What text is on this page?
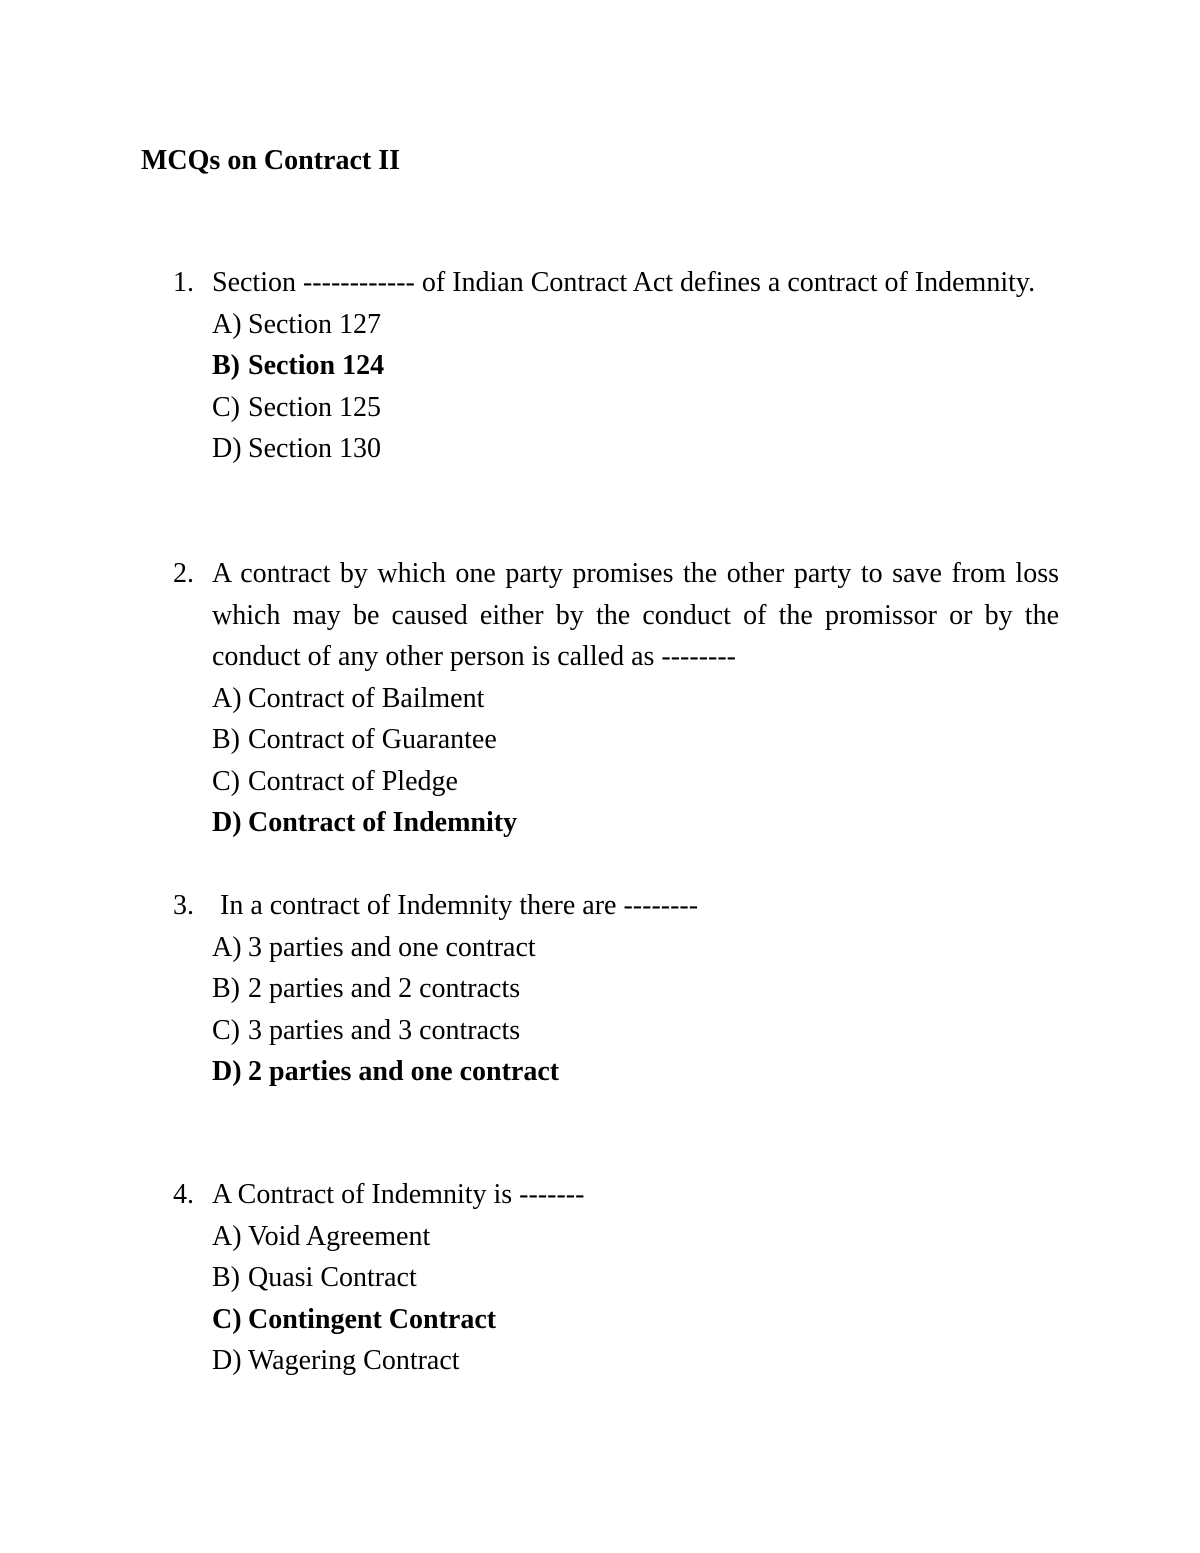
MCQs on Contract II
1. Section ------------ of Indian Contract Act defines a contract of Indemnity.
A) Section 127
B) Section 124
C) Section 125
D) Section 130
2. A contract by which one party promises the other party to save from loss which may be caused either by the conduct of the promissor or by the conduct of any other person is called as --------
A) Contract of Bailment
B) Contract of Guarantee
C) Contract of Pledge
D) Contract of Indemnity
3. In a contract of Indemnity there are --------
A) 3 parties and one contract
B) 2 parties and 2 contracts
C) 3 parties and 3 contracts
D) 2 parties and one contract
4. A Contract of Indemnity is -------
A) Void Agreement
B) Quasi Contract
C) Contingent Contract
D) Wagering Contract
